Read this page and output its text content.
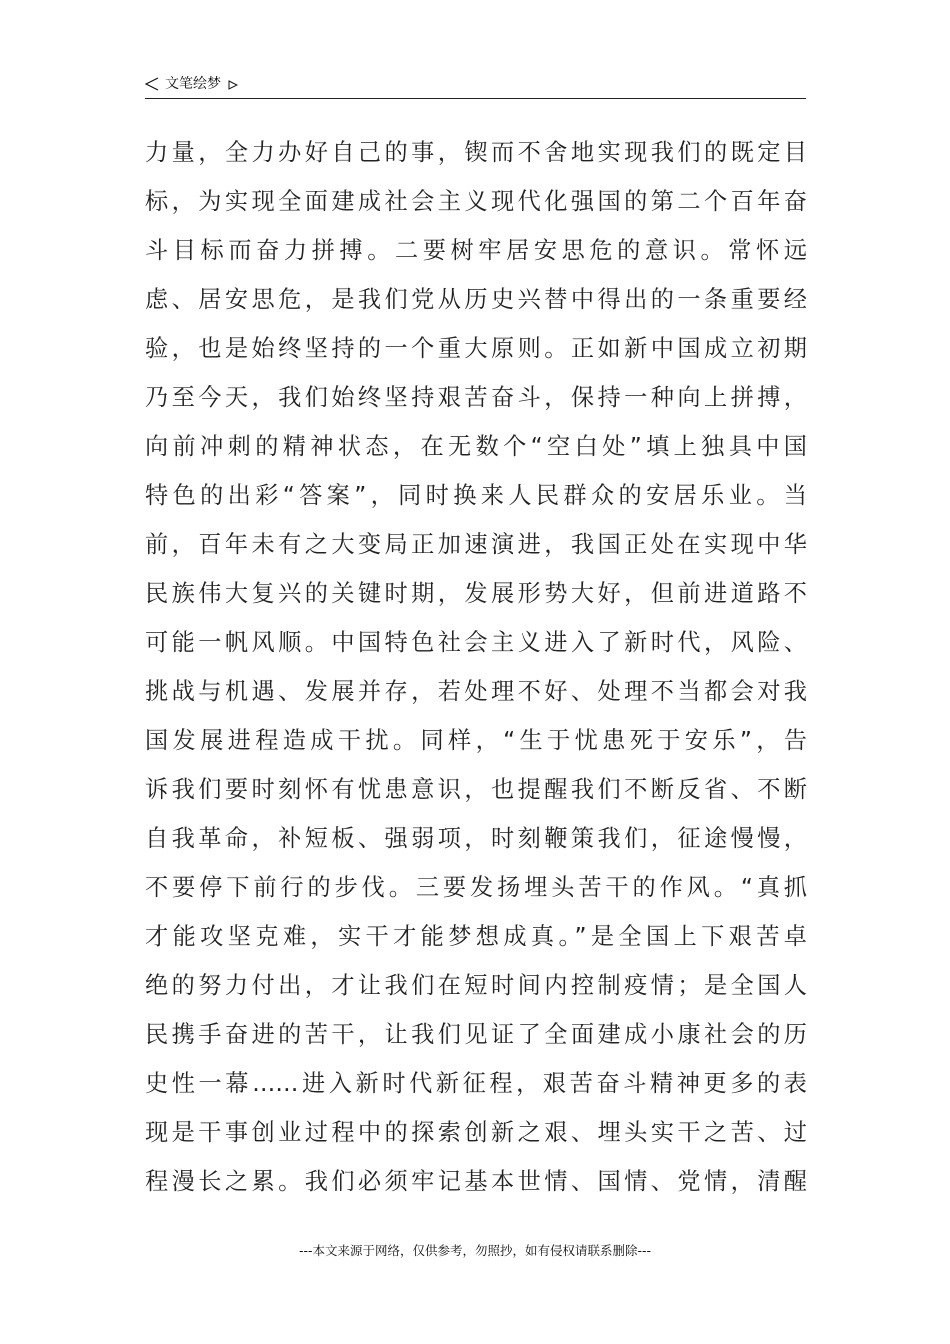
文笔绘梦
力量，全力办好自己的事，锲而不舍地实现我们的既定目
标，为实现全面建成社会主义现代化强国的第二个百年奋
斗目标而奋力拼搏。二要树牢居安思危的意识。常怀远
虑、居安思危，是我们党从历史兴替中得出的一条重要经
验，也是始终坚持的一个重大原则。正如新中国成立初期
乃至今天，我们始终坚持艰苦奋斗，保持一种向上拼搏，
向前冲刺的精神状态，在无数个“空白处”填上独具中国
特色的出彩“答案”，同时换来人民群众的安居乐业。当
前，百年未有之大变局正加速演进，我国正处在实现中华
民族伟大复兴的关键时期，发展形势大好，但前进道路不
可能一帆风顺。中国特色社会主义进入了新时代，风险、
挑战与机遇、发展并存，若处理不好、处理不当都会对我
国发展进程造成干扰。同样，“生于忧患死于安乐”，告
诉我们要时刻怀有忧患意识，也提醒我们不断反省、不断
自我革命，补短板、强弱项，时刻鞭策我们，征途慢慢，
不要停下前行的步伐。三要发扬埋头苦干的作风。“真抓
才能攻坚克难，实干才能梦想成真。”是全国上下艰苦卓
绝的努力付出，才让我们在短时间内控制疫情；是全国人
民携手奋进的苦干，让我们见证了全面建成小康社会的历
史性一幕……进入新时代新征程，艰苦奋斗精神更多的表
现是干事创业过程中的探索创新之艰、埋头实干之苦、过
程漫长之累。我们必须牢记基本世情、国情、党情，清醒
---本文来源于网络，仅供参考，勿照抄，如有侵权请联系删除---
